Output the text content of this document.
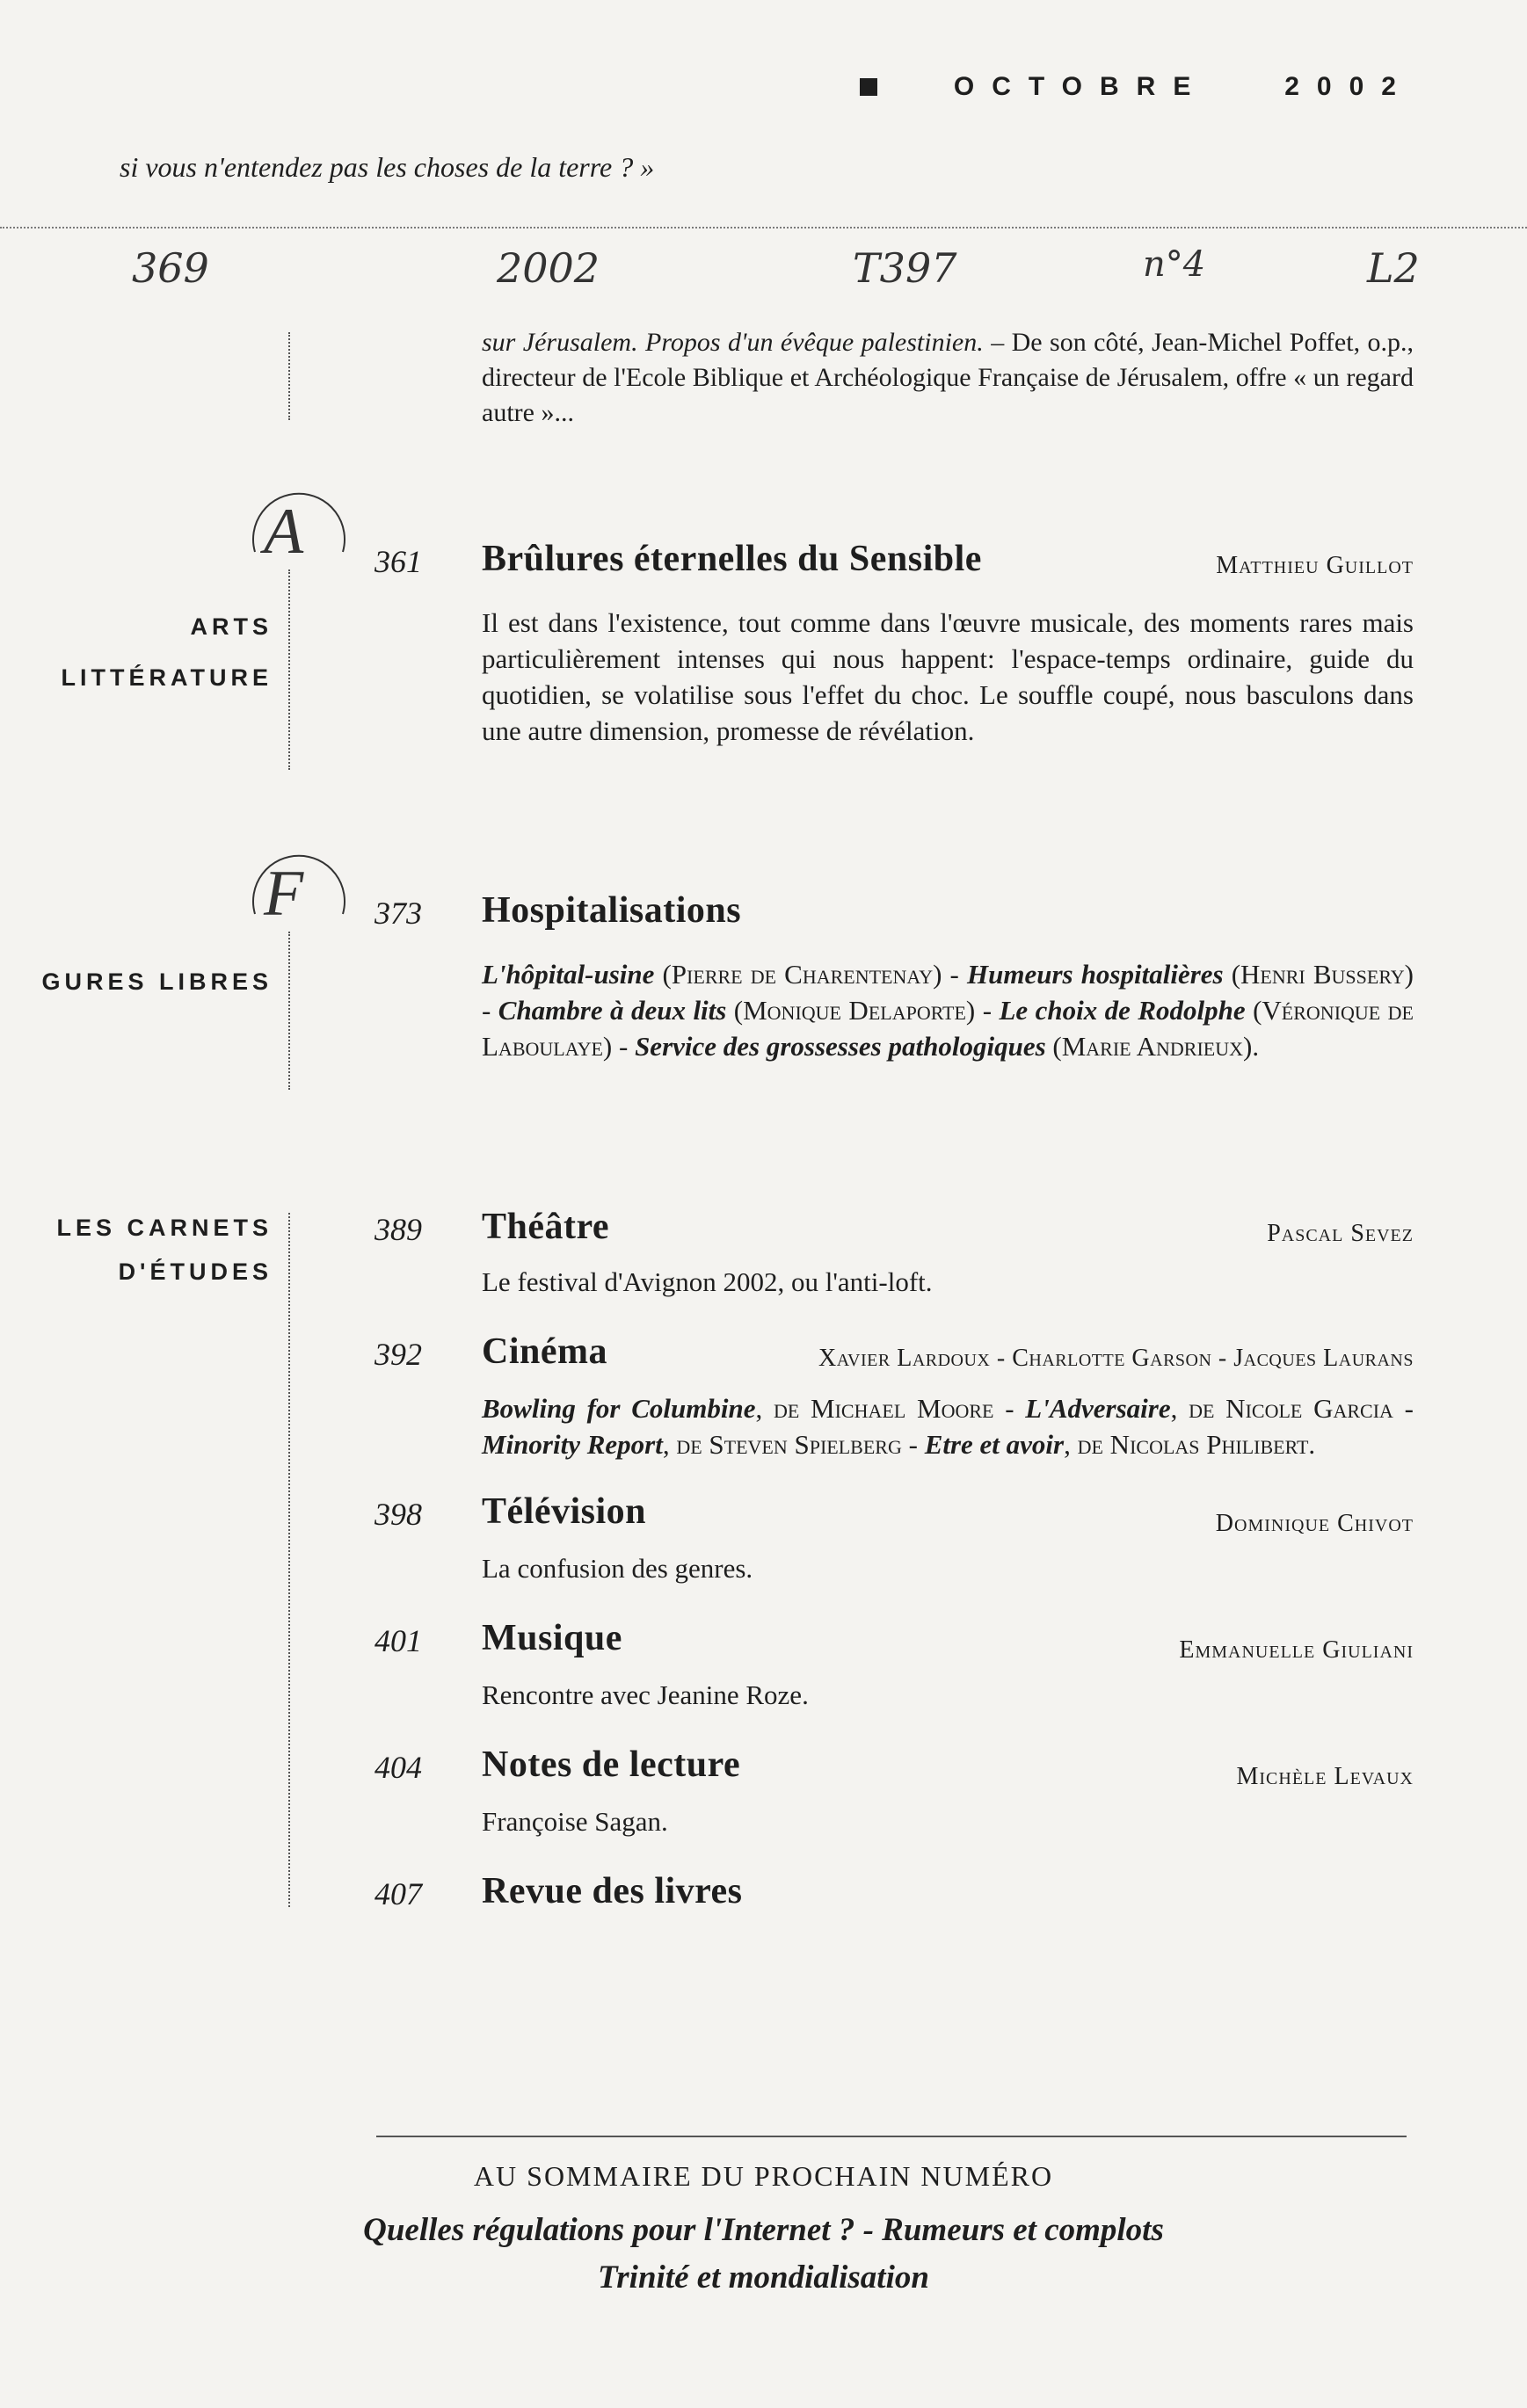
OCTOBRE	2002
si vous n'entendez pas les choses de la terre ? »
369	2002	T397	n°4	L2
sur Jérusalem. Propos d'un évêque palestinien. – De son côté, Jean-Michel Poffet, o.p., directeur de l'Ecole Biblique et Archéologique Française de Jérusalem, offre « un regard autre »...
A
ARTS
LITTÉRATURE
361 Brûlures éternelles du Sensible	Matthieu Guillot
Il est dans l'existence, tout comme dans l'œuvre musicale, des moments rares mais particulièrement intenses qui nous happent: l'espace-temps ordinaire, guide du quotidien, se volatilise sous l'effet du choc. Le souffle coupé, nous basculons dans une autre dimension, promesse de révélation.
F
GURES LIBRES
373 Hospitalisations
L'hôpital-usine (Pierre de Charentenay) - Humeurs hospitalières (Henri Bussery) - Chambre à deux lits (Monique Delaporte) - Le choix de Rodolphe (Véronique de Laboulaye) - Service des grossesses pathologiques (Marie Andrieux).
LES CARNETS
D'ÉTUDES
389 Théâtre	Pascal Sevez
Le festival d'Avignon 2002, ou l'anti-loft.
392 Cinéma	Xavier Lardoux - Charlotte Garson - Jacques Laurans
Bowling for Columbine, de Michael Moore - L'Adversaire, de Nicole Garcia - Minority Report, de Steven Spielberg - Etre et avoir, de Nicolas Philibert.
398 Télévision	Dominique Chivot
La confusion des genres.
401 Musique	Emmanuelle Giuliani
Rencontre avec Jeanine Roze.
404 Notes de lecture	Michèle Levaux
Françoise Sagan.
407 Revue des livres
AU SOMMAIRE DU PROCHAIN NUMÉRO
Quelles régulations pour l'Internet ? - Rumeurs et complots
Trinité et mondialisation
